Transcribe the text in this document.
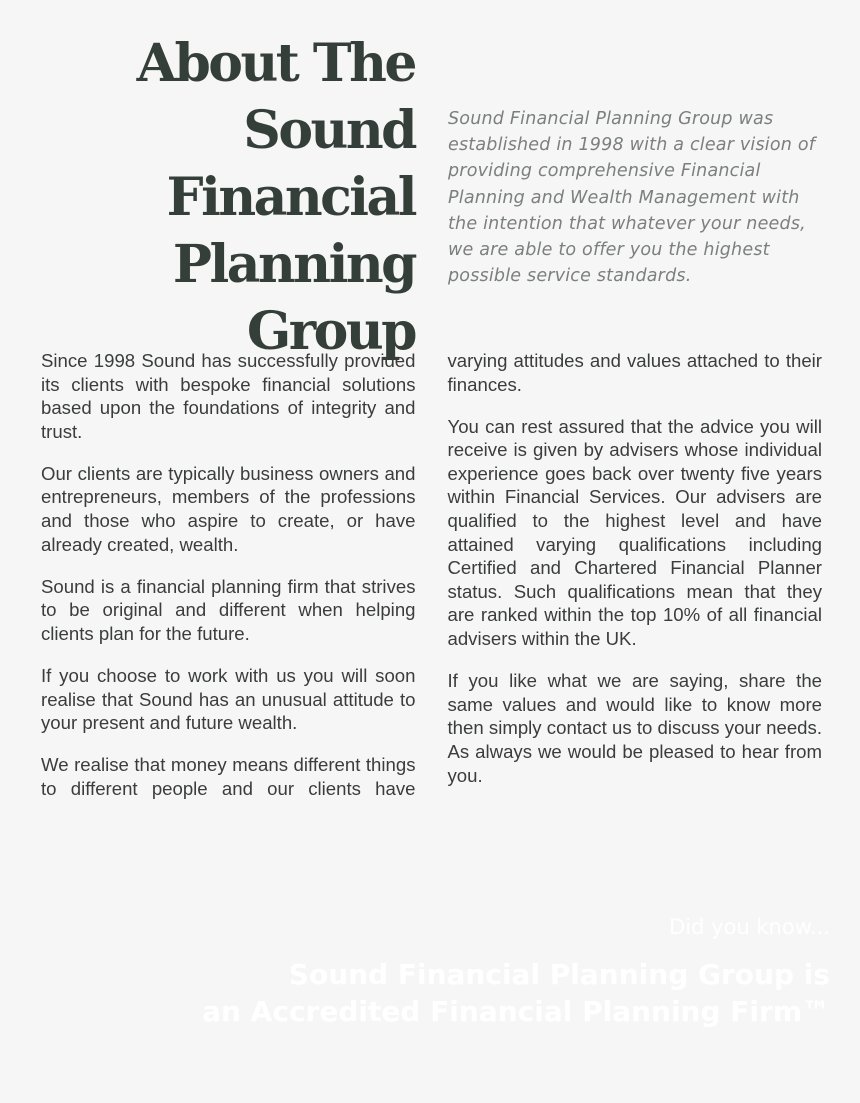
About The
Sound
Financial
Planning Group

Sound Financial Planning Group was established in 1998 with a clear vision of providing comprehensive Financial Planning and Wealth Management with the intention that whatever your needs, we are able to offer you the highest possible service standards.

Since 1998 Sound has successfully provided its clients with bespoke financial solutions based upon the foundations of integrity and trust.

Our clients are typically business owners and entrepreneurs, members of the professions and those who aspire to create, or have already created, wealth.

Sound is a financial planning firm that strives to be original and different when helping clients plan for the future.

If you choose to work with us you will soon realise that Sound has an unusual attitude to your present and future wealth.

We realise that money means different things to different people and our clients have varying attitudes and values attached to their finances.

You can rest assured that the advice you will receive is given by advisers whose individual experience goes back over twenty five years within Financial Services. Our advisers are qualified to the highest level and have attained varying qualifications including Certified and Chartered Financial Planner status. Such qualifications mean that they are ranked within the top 10% of all financial advisers within the UK.

If you like what we are saying, share the same values and would like to know more then simply contact us to discuss your needs. As always we would be pleased to hear from you.

Did you know...

Sound Financial Planning Group is
an Accredited Financial Planning Firm™
